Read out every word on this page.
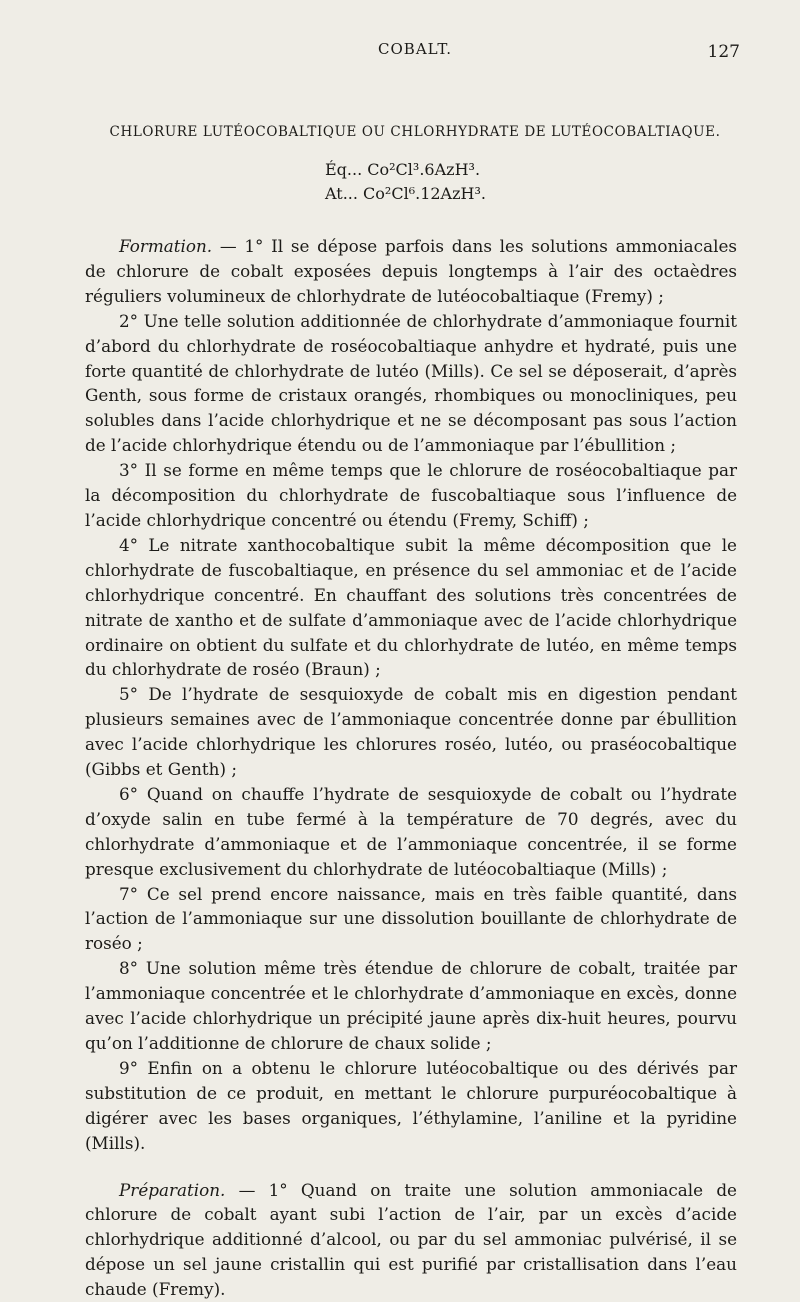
COBALT.	127
CHLORURE LUTÉOCOBALTIQUE OU CHLORHYDRATE DE LUTÉOCOBALTIAQUE.
Éq... Co²Cl³.6AzH³.
At... Co²Cl⁶.12AzH³.

Formation. — 1° Il se dépose parfois dans les solutions ammoniacales de chlorure de cobalt exposées depuis longtemps à l’air des octaèdres réguliers volumineux de chlorhydrate de lutéocobaltiaque (Fremy) ;

2° Une telle solution additionnée de chlorhydrate d’ammoniaque fournit d’abord du chlorhydrate de roséocobaltiaque anhydre et hydraté, puis une forte quantité de chlorhydrate de lutéo (Mills). Ce sel se déposerait, d’après Genth, sous forme de cristaux orangés, rhombiques ou monocliniques, peu solubles dans l’acide chlorhydrique et ne se décomposant pas sous l’action de l’acide chlorhydrique étendu ou de l’ammoniaque par l’ébullition ;

3° Il se forme en même temps que le chlorure de roséocobaltiaque par la décomposition du chlorhydrate de fuscobaltiaque sous l’influence de l’acide chlorhydrique concentré ou étendu (Fremy, Schiff) ;

4° Le nitrate xanthocobaltique subit la même décomposition que le chlorhydrate de fuscobaltiaque, en présence du sel ammoniac et de l’acide chlorhydrique concentré. En chauffant des solutions très concentrées de nitrate de xantho et de sulfate d’ammoniaque avec de l’acide chlorhydrique ordinaire on obtient du sulfate et du chlorhydrate de lutéo, en même temps du chlorhydrate de roséo (Braun) ;

5° De l’hydrate de sesquioxyde de cobalt mis en digestion pendant plusieurs semaines avec de l’ammoniaque concentrée donne par ébullition avec l’acide chlorhydrique les chlorures roséo, lutéo, ou praséocobaltique (Gibbs et Genth) ;

6° Quand on chauffe l’hydrate de sesquioxyde de cobalt ou l’hydrate d’oxyde salin en tube fermé à la température de 70 degrés, avec du chlorhydrate d’ammoniaque et de l’ammoniaque concentrée, il se forme presque exclusivement du chlorhydrate de lutéocobaltiaque (Mills) ;

7° Ce sel prend encore naissance, mais en très faible quantité, dans l’action de l’ammoniaque sur une dissolution bouillante de chlorhydrate de roséo ;

8° Une solution même très étendue de chlorure de cobalt, traitée par l’ammoniaque concentrée et le chlorhydrate d’ammoniaque en excès, donne avec l’acide chlorhydrique un précipité jaune après dix-huit heures, pourvu qu’on l’additionne de chlorure de chaux solide ;

9° Enfin on a obtenu le chlorure lutéocobaltique ou des dérivés par substitution de ce produit, en mettant le chlorure purpuréocobaltique à digérer avec les bases organiques, l’éthylamine, l’aniline et la pyridine (Mills).

Préparation. — 1° Quand on traite une solution ammoniacale de chlorure de cobalt ayant subi l’action de l’air, par un excès d’acide chlorhydrique additionné d’alcool, ou par du sel ammoniac pulvérisé, il se dépose un sel jaune cristallin qui est purifié par cristallisation dans l’eau chaude (Fremy).
